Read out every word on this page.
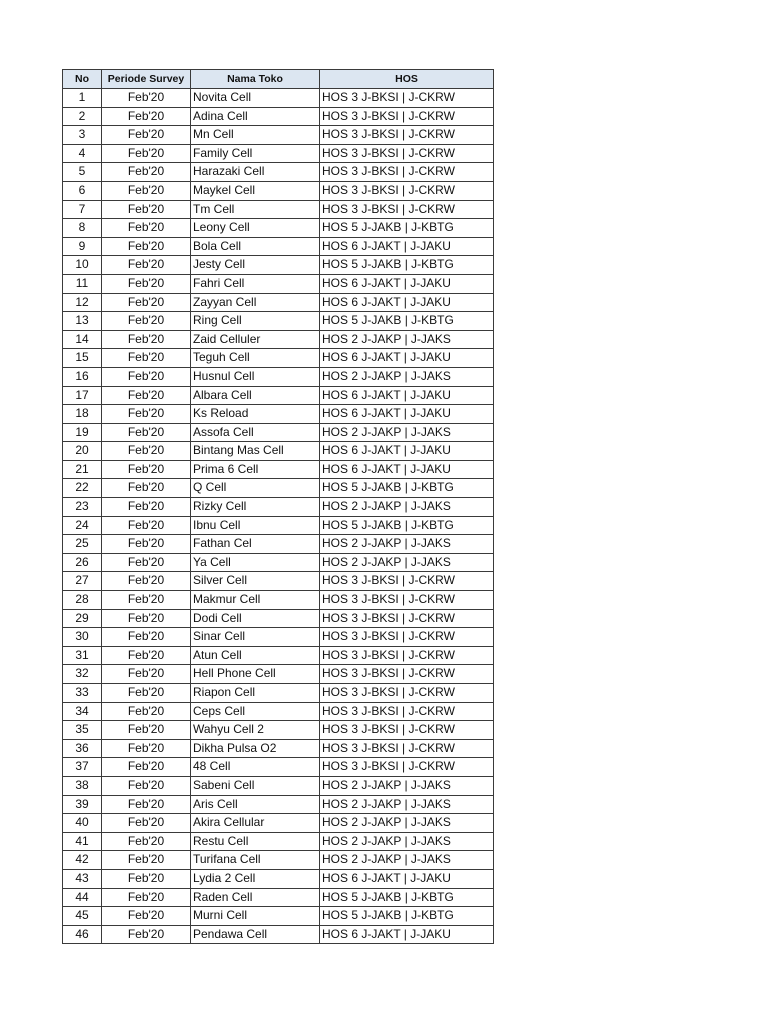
No	Periode Survey	Nama Toko	HOS
1	Feb'20	Novita Cell	HOS 3 J-BKSI | J-CKRW
2	Feb'20	Adina Cell	HOS 3 J-BKSI | J-CKRW
3	Feb'20	Mn Cell	HOS 3 J-BKSI | J-CKRW
4	Feb'20	Family Cell	HOS 3 J-BKSI | J-CKRW
5	Feb'20	Harazaki Cell	HOS 3 J-BKSI | J-CKRW
6	Feb'20	Maykel Cell	HOS 3 J-BKSI | J-CKRW
7	Feb'20	Tm Cell	HOS 3 J-BKSI | J-CKRW
8	Feb'20	Leony Cell	HOS 5 J-JAKB | J-KBTG
9	Feb'20	Bola Cell	HOS 6 J-JAKT | J-JAKU
10	Feb'20	Jesty Cell	HOS 5 J-JAKB | J-KBTG
11	Feb'20	Fahri Cell	HOS 6 J-JAKT | J-JAKU
12	Feb'20	Zayyan Cell	HOS 6 J-JAKT | J-JAKU
13	Feb'20	Ring Cell	HOS 5 J-JAKB | J-KBTG
14	Feb'20	Zaid Celluler	HOS 2 J-JAKP | J-JAKS
15	Feb'20	Teguh Cell	HOS 6 J-JAKT | J-JAKU
16	Feb'20	Husnul Cell	HOS 2 J-JAKP | J-JAKS
17	Feb'20	Albara Cell	HOS 6 J-JAKT | J-JAKU
18	Feb'20	Ks Reload	HOS 6 J-JAKT | J-JAKU
19	Feb'20	Assofa Cell	HOS 2 J-JAKP | J-JAKS
20	Feb'20	Bintang Mas Cell	HOS 6 J-JAKT | J-JAKU
21	Feb'20	Prima 6 Cell	HOS 6 J-JAKT | J-JAKU
22	Feb'20	Q Cell	HOS 5 J-JAKB | J-KBTG
23	Feb'20	Rizky Cell	HOS 2 J-JAKP | J-JAKS
24	Feb'20	Ibnu Cell	HOS 5 J-JAKB | J-KBTG
25	Feb'20	Fathan Cel	HOS 2 J-JAKP | J-JAKS
26	Feb'20	Ya Cell	HOS 2 J-JAKP | J-JAKS
27	Feb'20	Silver Cell	HOS 3 J-BKSI | J-CKRW
28	Feb'20	Makmur Cell	HOS 3 J-BKSI | J-CKRW
29	Feb'20	Dodi Cell	HOS 3 J-BKSI | J-CKRW
30	Feb'20	Sinar Cell	HOS 3 J-BKSI | J-CKRW
31	Feb'20	Atun Cell	HOS 3 J-BKSI | J-CKRW
32	Feb'20	Hell Phone Cell	HOS 3 J-BKSI | J-CKRW
33	Feb'20	Riapon Cell	HOS 3 J-BKSI | J-CKRW
34	Feb'20	Ceps Cell	HOS 3 J-BKSI | J-CKRW
35	Feb'20	Wahyu Cell 2	HOS 3 J-BKSI | J-CKRW
36	Feb'20	Dikha Pulsa O2	HOS 3 J-BKSI | J-CKRW
37	Feb'20	48 Cell	HOS 3 J-BKSI | J-CKRW
38	Feb'20	Sabeni Cell	HOS 2 J-JAKP | J-JAKS
39	Feb'20	Aris Cell	HOS 2 J-JAKP | J-JAKS
40	Feb'20	Akira Cellular	HOS 2 J-JAKP | J-JAKS
41	Feb'20	Restu Cell	HOS 2 J-JAKP | J-JAKS
42	Feb'20	Turifana Cell	HOS 2 J-JAKP | J-JAKS
43	Feb'20	Lydia 2 Cell	HOS 6 J-JAKT | J-JAKU
44	Feb'20	Raden Cell	HOS 5 J-JAKB | J-KBTG
45	Feb'20	Murni Cell	HOS 5 J-JAKB | J-KBTG
46	Feb'20	Pendawa Cell	HOS 6 J-JAKT | J-JAKU
